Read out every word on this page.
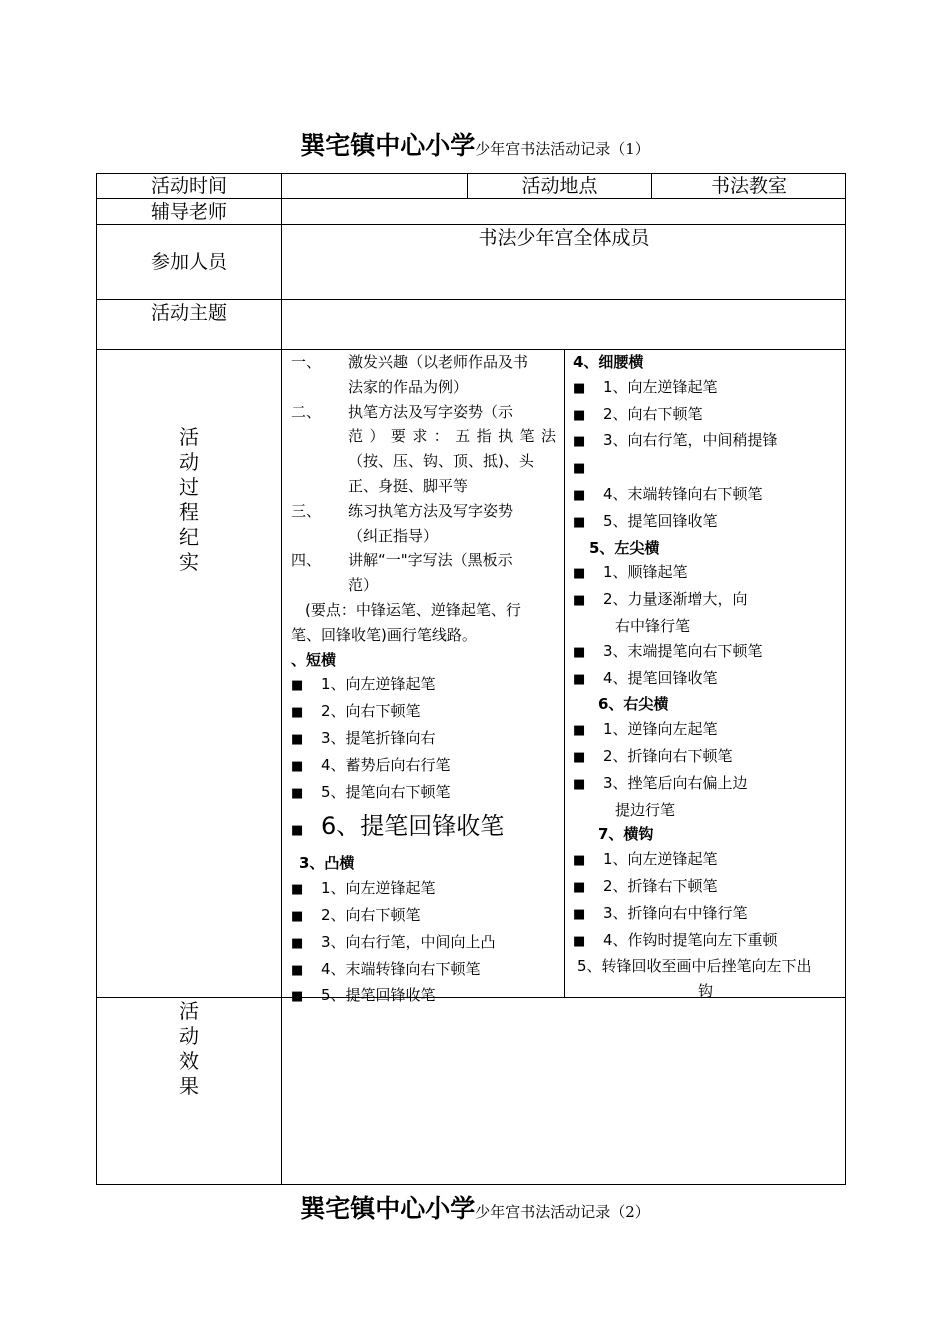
巽宅镇中心小学少年宫书法活动记录（1）
活动时间	活动地点	书法教室
辅导老师
参加人员
书法少年宫全体成员
活动主题
活
动
过
程
纪
实
一、 激发兴趣（以老师作品及书
法家的作品为例）
二、 执笔方法及写字姿势（示
范）要求：五指执笔法
（按、压、钩、顶、抵)、头
正、身挺、脚平等
三、 练习执笔方法及写字姿势
（纠正指导）
四、 讲解“一"字写法（黑板示
范）
(要点：中锋运笔、逆锋起笔、行
笔、回锋收笔)画行笔线路。
、短横
■ 1、向左逆锋起笔
■ 2、向右下顿笔
■ 3、提笔折锋向右
■ 4、蓄势后向右行笔
■ 5、提笔向右下顿笔
■ 6、提笔回锋收笔
3、凸横
■ 1、向左逆锋起笔
■ 2、向右下顿笔
■ 3、向右行笔，中间向上凸
■ 4、末端转锋向右下顿笔
■ 5、提笔回锋收笔
4、细腰横
■ 1、向左逆锋起笔
■ 2、向右下顿笔
■ 3、向右行笔，中间稍提锋
■
■ 4、末端转锋向右下顿笔
■ 5、提笔回锋收笔
5、左尖横
■ 1、顺锋起笔
■ 2、力量逐渐增大，向
右中锋行笔
■ 3、末端提笔向右下顿笔
■ 4、提笔回锋收笔
6、右尖横
■ 1、逆锋向左起笔
■ 2、折锋向右下顿笔
■ 3、挫笔后向右偏上边
提边行笔
7、横钩
■ 1、向左逆锋起笔
■ 2、折锋右下顿笔
■ 3、折锋向右中锋行笔
■ 4、作钩时提笔向左下重顿
5、转锋回收至画中后挫笔向左下出
钩
活
动
效
果
巽宅镇中心小学少年宫书法活动记录（2）
